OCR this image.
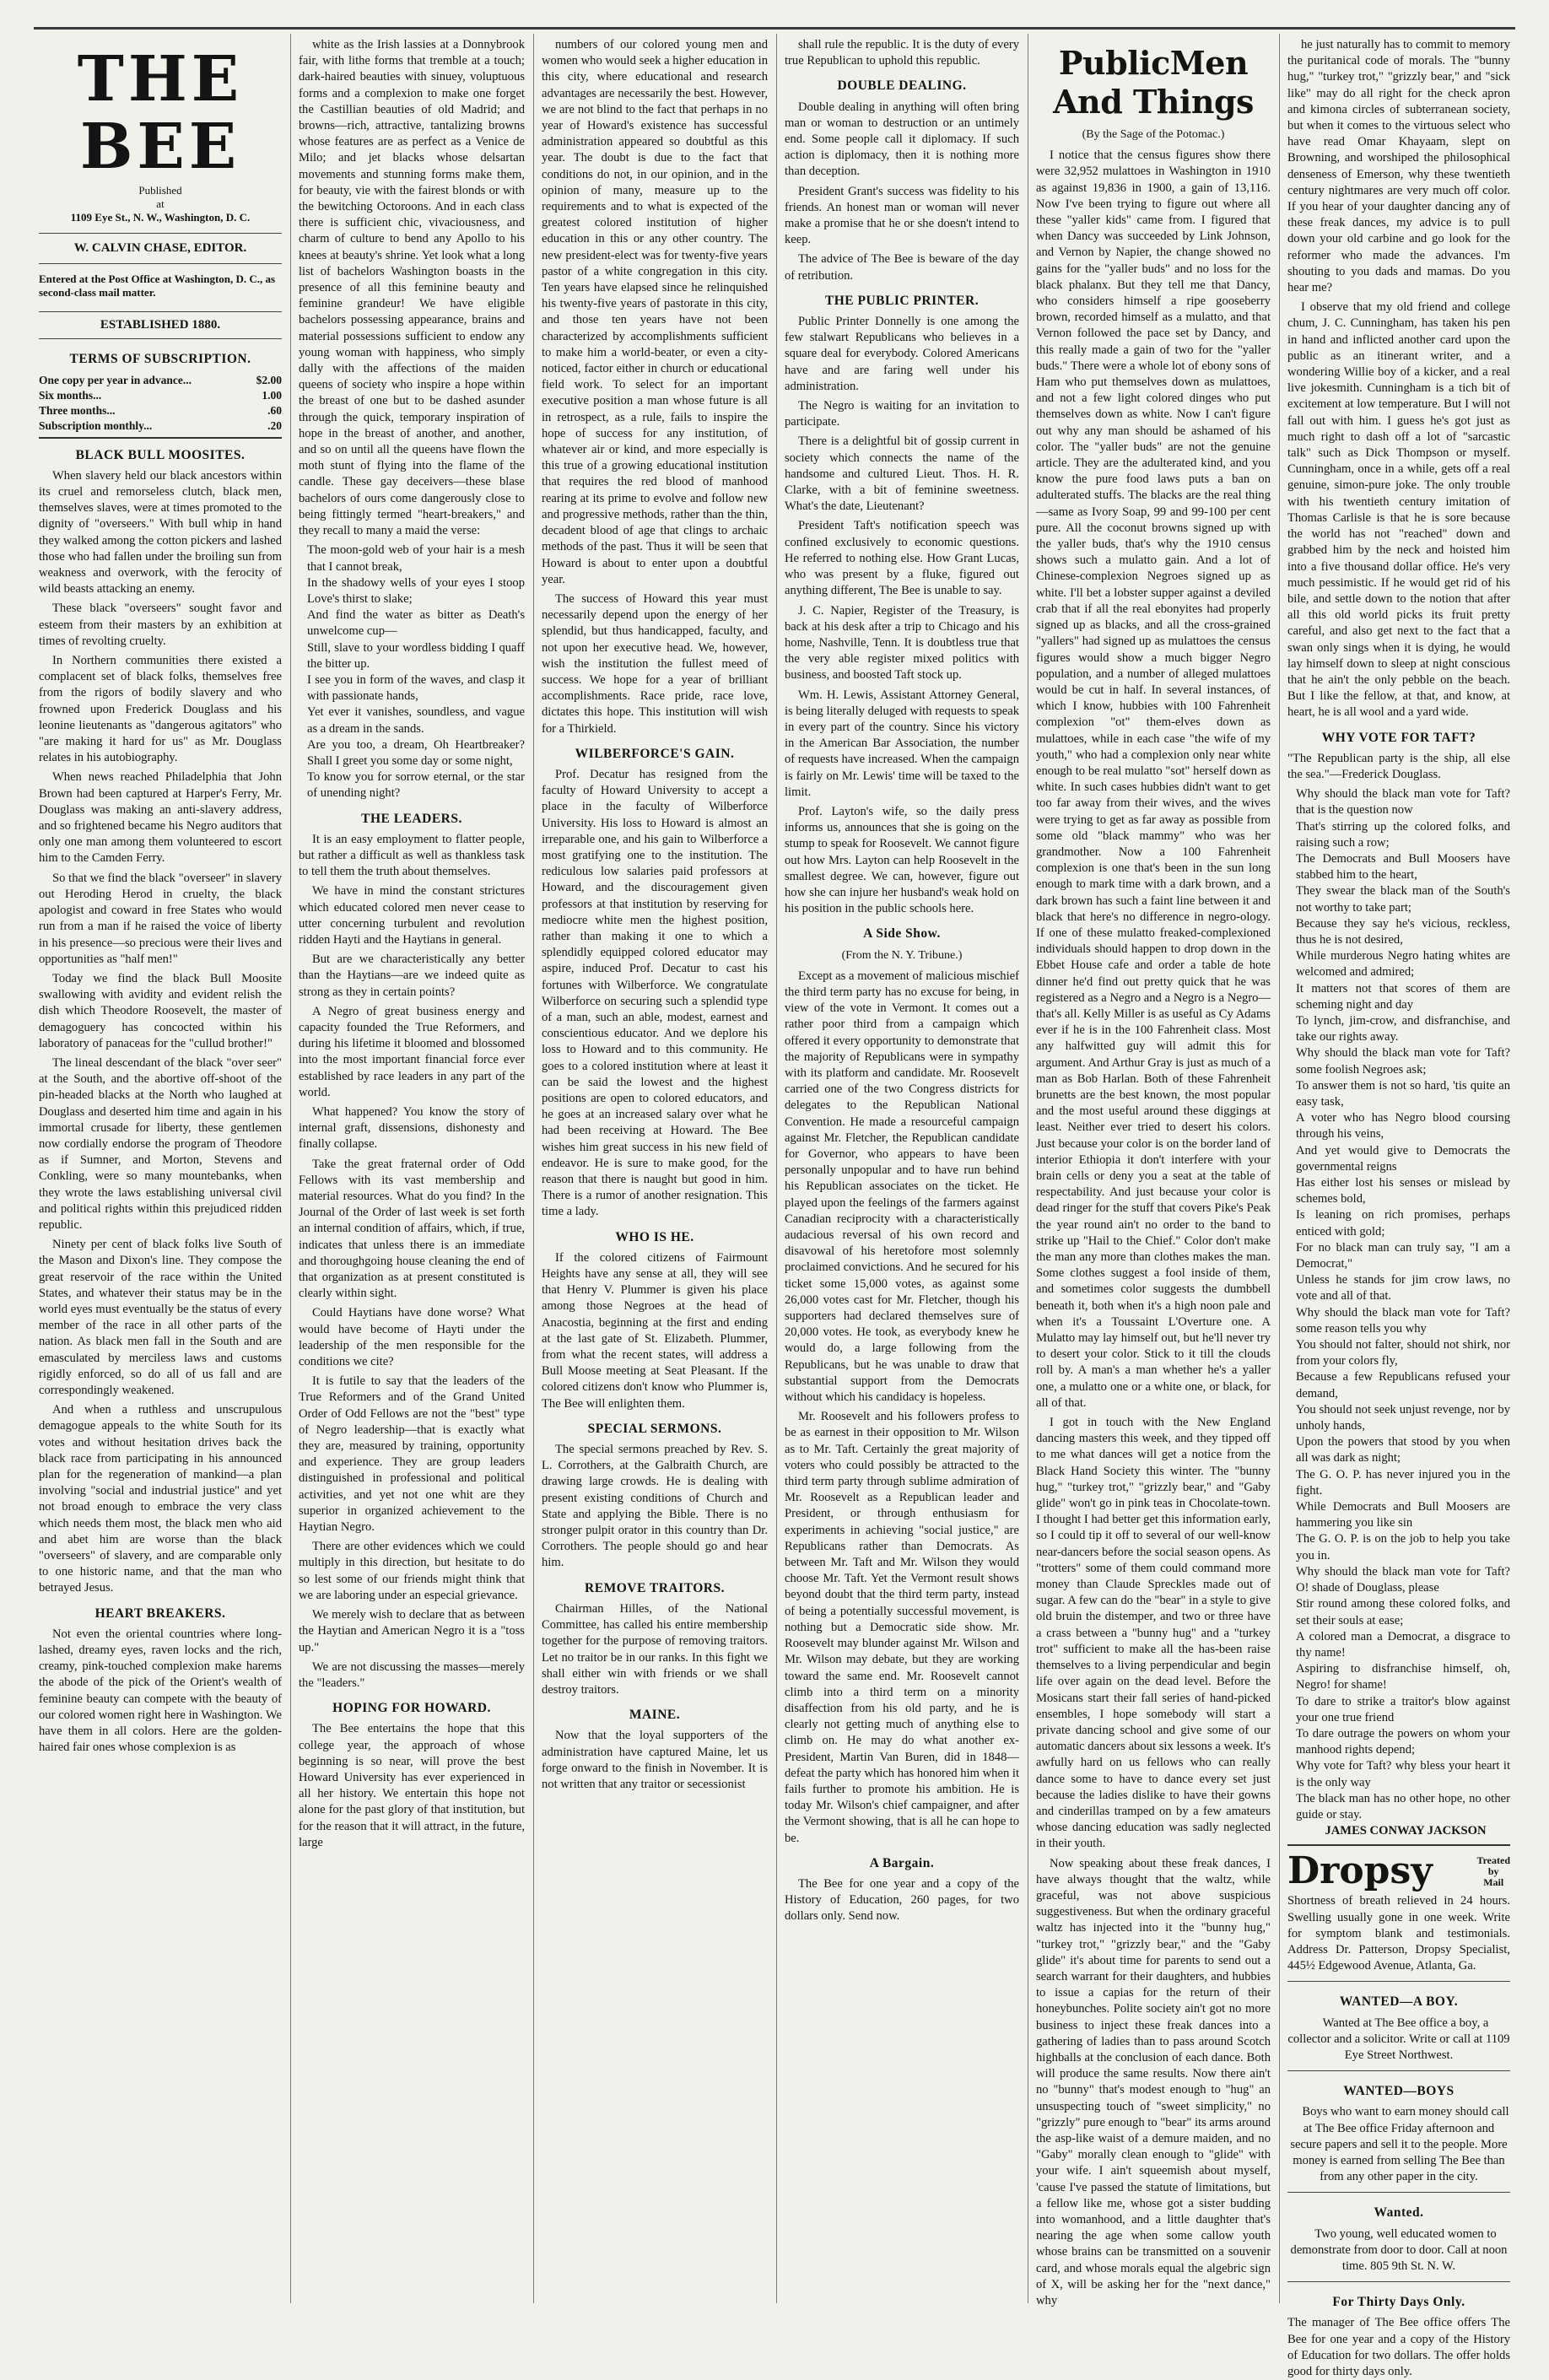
THE BEE
Published
at
1109 Eye St., N. W., Washington, D. C.
W. CALVIN CHASE, EDITOR.
Entered at the Post Office at Washington, D. C., as second-class mail matter.
ESTABLISHED 1880.
TERMS OF SUBSCRIPTION.
One copy per year in advance...	$2.00
Six months...	1.00
Three months...	.60
Subscription monthly...	.20
BLACK BULL MOOSITES.

When slavery held our black ancestors within its cruel and remorseless clutch, black men, themselves slaves, were at times promoted to the dignity of "overseers." With bull whip in hand they walked among the cotton pickers and lashed those who had fallen under the broiling sun from weakness and overwork, with the ferocity of wild beasts attacking an enemy.

These black "overseers" sought favor and esteem from their masters by an exhibition at times of revolting cruelty.

In Northern communities there existed a complacent set of black folks, themselves free from the rigors of bodily slavery and who frowned upon Frederick Douglass and his leonine lieutenants as "dangerous agitators" who "are making it hard for us" as Mr. Douglass relates in his autobiography.

When news reached Philadelphia that John Brown had been captured at Harper's Ferry, Mr. Douglass was making an anti-slavery address, and so frightened became his Negro auditors that only one man among them volunteered to escort him to the Camden Ferry.

So that we find the black "overseer" in slavery out Heroding Herod in cruelty, the black apologist and coward in free States who would run from a man if he raised the voice of liberty in his presence—so precious were their lives and opportunities as "half men!"

Today we find the black Bull Moosite swallowing with avidity and evident relish the dish which Theodore Roosevelt, the master of demagoguery has concocted within his laboratory of panaceas for the "cullud brother!"

The lineal descendant of the black "over seer" at the South, and the abortive off-shoot of the pin-headed blacks at the North who laughed at Douglass and deserted him time and again in his immortal crusade for liberty, these gentlemen now cordially endorse the program of Theodore as if Sumner, and Morton, Stevens and Conkling, were so many mountebanks, when they wrote the laws establishing universal civil and political rights within this prejudiced ridden republic.

Ninety per cent of black folks live South of the Mason and Dixon's line. They compose the great reservoir of the race within the United States, and whatever their status may be in the world eyes must eventually be the status of every member of the race in all other parts of the nation. As black men fall in the South and are emasculated by merciless laws and customs rigidly enforced, so do all of us fall and are correspondingly weakened.

And when a ruthless and unscrupulous demagogue appeals to the white South for its votes and without hesitation drives back the black race from participating in his announced plan for the regeneration of mankind—a plan involving "social and industrial justice" and yet not broad enough to embrace the very class which needs them most, the black men who aid and abet him are worse than the black "overseers" of slavery, and are comparable only to one historic name, and that the man who betrayed Jesus.

HEART BREAKERS.

Not even the oriental countries where long-lashed, dreamy eyes, raven locks and the rich, creamy, pink-touched complexion make harems the abode of the pick of the Orient's wealth of feminine beauty can compete with the beauty of our colored women right here in Washington. We have them in all colors. Here are the golden-haired fair ones whose complexion is as

white as the Irish lassies at a Donnybrook fair, with lithe forms that tremble at a touch; dark-haired beauties with sinuey, voluptuous forms and a complexion to make one forget the Castillian beauties of old Madrid; and browns—rich, attractive, tantalizing browns whose features are as perfect as a Venice de Milo; and jet blacks whose delsartan movements and stunning forms make them, for beauty, vie with the fairest blonds or with the bewitching Octoroons. And in each class there is sufficient chic, vivaciousness, and charm of culture to bend any Apollo to his knees at beauty's shrine. Yet look what a long list of bachelors Washington boasts in the presence of all this feminine beauty and feminine grandeur! We have eligible bachelors possessing appearance, brains and material possessions sufficient to endow any young woman with happiness, who simply dally with the affections of the maiden queens of society who inspire a hope within the breast of one but to be dashed asunder through the quick, temporary inspiration of hope in the breast of another, and another, and so on until all the queens have flown the moth stunt of flying into the flame of the candle. These gay deceivers—these blase bachelors of ours come dangerously close to being fittingly termed "heart-breakers," and they recall to many a maid the verse:

The moon-gold web of your hair is a mesh that I cannot break,
In the shadowy wells of your eyes I stoop Love's thirst to slake;
And find the water as bitter as Death's unwelcome cup—
Still, slave to your wordless bidding I quaff the bitter up.
I see you in form of the waves, and clasp it with passionate hands,
Yet ever it vanishes, soundless, and vague as a dream in the sands.
Are you too, a dream, Oh Heartbreaker? Shall I greet you some day or some night,
To know you for sorrow eternal, or the star of unending night?
THE LEADERS.

It is an easy employment to flatter people, but rather a difficult as well as thankless task to tell them the truth about themselves.

We have in mind the constant strictures which educated colored men never cease to utter concerning turbulent and revolution ridden Hayti and the Haytians in general.

But are we characteristically any better than the Haytians—are we indeed quite as strong as they in certain points?

A Negro of great business energy and capacity founded the True Reformers, and during his lifetime it bloomed and blossomed into the most important financial force ever established by race leaders in any part of the world.

What happened? You know the story of internal graft, dissensions, dishonesty and finally collapse.

Take the great fraternal order of Odd Fellows with its vast membership and material resources. What do you find? In the Journal of the Order of last week is set forth an internal condition of affairs, which, if true, indicates that unless there is an immediate and thoroughgoing house cleaning the end of that organization as at present constituted is clearly within sight.

Could Haytians have done worse? What would have become of Hayti under the leadership of the men responsible for the conditions we cite?

It is futile to say that the leaders of the True Reformers and of the Grand United Order of Odd Fellows are not the "best" type of Negro leadership—that is exactly what they are, measured by training, opportunity and experience. They are group leaders distinguished in professional and political activities, and yet not one whit are they superior in organized achievement to the Haytian Negro.

There are other evidences which we could multiply in this direction, but hesitate to do so lest some of our friends might think that we are laboring under an especial grievance.

We merely wish to declare that as between the Haytian and American Negro it is a "toss up."

We are not discussing the masses—merely the "leaders."

HOPING FOR HOWARD.

The Bee entertains the hope that this college year, the approach of whose beginning is so near, will prove the best Howard University has ever experienced in all her history. We entertain this hope not alone for the past glory of that institution, but for the reason that it will attract, in the future, large

numbers of our colored young men and women who would seek a higher education in this city, where educational and research advantages are necessarily the best. However, we are not blind to the fact that perhaps in no year of Howard's existence has successful administration appeared so doubtful as this year. The doubt is due to the fact that conditions do not, in our opinion, and in the opinion of many, measure up to the requirements and to what is expected of the greatest colored institution of higher education in this or any other country. The new president-elect was for twenty-five years pastor of a white congregation in this city. Ten years have elapsed since he relinquished his twenty-five years of pastorate in this city, and those ten years have not been characterized by accomplishments sufficient to make him a world-beater, or even a city-noticed, factor either in church or educational field work. To select for an important executive position a man whose future is all in retrospect, as a rule, fails to inspire the hope of success for any institution, of whatever air or kind, and more especially is this true of a growing educational institution that requires the red blood of manhood rearing at its prime to evolve and follow new and progressive methods, rather than the thin, decadent blood of age that clings to archaic methods of the past. Thus it will be seen that Howard is about to enter upon a doubtful year.

The success of Howard this year must necessarily depend upon the energy of her splendid, but thus handicapped, faculty, and not upon her executive head. We, however, wish the institution the fullest meed of success. We hope for a year of brilliant accomplishments. Race pride, race love, dictates this hope. This institution will wish for a Thirkield.

WILBERFORCE'S GAIN.

Prof. Decatur has resigned from the faculty of Howard University to accept a place in the faculty of Wilberforce University. His loss to Howard is almost an irreparable one, and his gain to Wilberforce a most gratifying one to the institution. The rediculous low salaries paid professors at Howard, and the discouragement given professors at that institution by reserving for mediocre white men the highest position, rather than making it one to which a splendidly equipped colored educator may aspire, induced Prof. Decatur to cast his fortunes with Wilberforce. We congratulate Wilberforce on securing such a splendid type of a man, such an able, modest, earnest and conscientious educator. And we deplore his loss to Howard and to this community. He goes to a colored institution where at least it can be said the lowest and the highest positions are open to colored educators, and he goes at an increased salary over what he had been receiving at Howard. The Bee wishes him great success in his new field of endeavor. He is sure to make good, for the reason that there is naught but good in him. There is a rumor of another resignation. This time a lady.

WHO IS HE.

If the colored citizens of Fairmount Heights have any sense at all, they will see that Henry V. Plummer is given his place among those Negroes at the head of Anacostia, beginning at the first and ending at the last gate of St. Elizabeth. Plummer, from what the recent states, will address a Bull Moose meeting at Seat Pleasant. If the colored citizens don't know who Plummer is, The Bee will enlighten them.

SPECIAL SERMONS.

The special sermons preached by Rev. S. L. Corrothers, at the Galbraith Church, are drawing large crowds. He is dealing with present existing conditions of Church and State and applying the Bible. There is no stronger pulpit orator in this country than Dr. Corrothers. The people should go and hear him.

REMOVE TRAITORS.

Chairman Hilles, of the National Committee, has called his entire membership together for the purpose of removing traitors. Let no traitor be in our ranks. In this fight we shall either win with friends or we shall destroy traitors.

MAINE.

Now that the loyal supporters of the administration have captured Maine, let us forge onward to the finish in November. It is not written that any traitor or secessionist

shall rule the republic. It is the duty of every true Republican to uphold this republic.

DOUBLE DEALING.

Double dealing in anything will often bring man or woman to destruction or an untimely end. Some people call it diplomacy. If such action is diplomacy, then it is nothing more than deception.

President Grant's success was fidelity to his friends. An honest man or woman will never make a promise that he or she doesn't intend to keep.

The advice of The Bee is beware of the day of retribution.

THE PUBLIC PRINTER.

Public Printer Donnelly is one among the few stalwart Republicans who believes in a square deal for everybody. Colored Americans have and are faring well under his administration.

The Negro is waiting for an invitation to participate.

There is a delightful bit of gossip current in society which connects the name of the handsome and cultured Lieut. Thos. H. R. Clarke, with a bit of feminine sweetness. What's the date, Lieutenant?

President Taft's notification speech was confined exclusively to economic questions. He referred to nothing else. How Grant Lucas, who was present by a fluke, figured out anything different, The Bee is unable to say.

J. C. Napier, Register of the Treasury, is back at his desk after a trip to Chicago and his home, Nashville, Tenn. It is doubtless true that the very able register mixed politics with business, and boosted Taft stock up.

Wm. H. Lewis, Assistant Attorney General, is being literally deluged with requests to speak in every part of the country. Since his victory in the American Bar Association, the number of requests have increased. When the campaign is fairly on Mr. Lewis' time will be taxed to the limit.

Prof. Layton's wife, so the daily press informs us, announces that she is going on the stump to speak for Roosevelt. We cannot figure out how Mrs. Layton can help Roosevelt in the smallest degree. We can, however, figure out how she can injure her husband's weak hold on his position in the public schools here.

A Side Show.
(From the N. Y. Tribune.)

Except as a movement of malicious mischief the third term party has no excuse for being, in view of the vote in Vermont. It comes out a rather poor third from a campaign which offered it every opportunity to demonstrate that the majority of Republicans were in sympathy with its platform and candidate. Mr. Roosevelt carried one of the two Congress districts for delegates to the Republican National Convention. He made a resourceful campaign against Mr. Fletcher, the Republican candidate for Governor, who appears to have been personally unpopular and to have run behind his Republican associates on the ticket. He played upon the feelings of the farmers against Canadian reciprocity with a characteristically audacious reversal of his own record and disavowal of his heretofore most solemnly proclaimed convictions. And he secured for his ticket some 15,000 votes, as against some 26,000 votes cast for Mr. Fletcher, though his supporters had declared themselves sure of 20,000 votes. He took, as everybody knew he would do, a large following from the Republicans, but he was unable to draw that substantial support from the Democrats without which his candidacy is hopeless.

Mr. Roosevelt and his followers profess to be as earnest in their opposition to Mr. Wilson as to Mr. Taft. Certainly the great majority of voters who could possibly be attracted to the third term party through sublime admiration of Mr. Roosevelt as a Republican leader and President, or through enthusiasm for experiments in achieving "social justice," are Republicans rather than Democrats. As between Mr. Taft and Mr. Wilson they would choose Mr. Taft. Yet the Vermont result shows beyond doubt that the third term party, instead of being a potentially successful movement, is nothing but a Democratic side show. Mr. Roosevelt may blunder against Mr. Wilson and Mr. Wilson may debate, but they are working toward the same end. Mr. Roosevelt cannot climb into a third term on a minority disaffection from his old party, and he is clearly not getting much of anything else to climb on. He may do what another ex-President, Martin Van Buren, did in 1848—defeat the party which has honored him when it fails further to promote his ambition. He is today Mr. Wilson's chief campaigner, and after the Vermont showing, that is all he can hope to be.

A Bargain.

The Bee for one year and a copy of the History of Education, 260 pages, for two dollars only. Send now.

PublicMen And Things
(By the Sage of the Potomac.)

I notice that the census figures show there were 32,952 mulattoes in Washington in 1910 as against 19,836 in 1900, a gain of 13,116. Now I've been trying to figure out where all these "yaller kids" came from. I figured that when Dancy was succeeded by Link Johnson, and Vernon by Napier, the change showed no gains for the "yaller buds" and no loss for the black phalanx. But they tell me that Dancy, who considers himself a ripe gooseberry brown, recorded himself as a mulatto, and that Vernon followed the pace set by Dancy, and this really made a gain of two for the "yaller buds." There were a whole lot of ebony sons of Ham who put themselves down as mulattoes, and not a few light colored dinges who put themselves down as white. Now I can't figure out why any man should be ashamed of his color. The "yaller buds" are not the genuine article. They are the adulterated kind, and you know the pure food laws puts a ban on adulterated stuffs. The blacks are the real thing—same as Ivory Soap, 99 and 99-100 per cent pure. All the coconut browns signed up with the yaller buds, that's why the 1910 census shows such a mulatto gain. And a lot of Chinese-complexion Negroes signed up as white. I'll bet a lobster supper against a deviled crab that if all the real ebonyites had properly signed up as blacks, and all the cross-grained "yallers" had signed up as mulattoes the census figures would show a much bigger Negro population, and a number of alleged mulattoes would be cut in half. In several instances, of which I know, hubbies with 100 Fahrenheit complexion "ot" them-elves down as mulattoes, while in each case "the wife of my youth," who had a complexion only near white enough to be real mulatto "sot" herself down as white. In such cases hubbies didn't want to get too far away from their wives, and the wives were trying to get as far away as possible from some old "black mammy" who was her grandmother. Now a 100 Fahrenheit complexion is one that's been in the sun long enough to mark time with a dark brown, and a dark brown has such a faint line between it and black that here's no difference in negro-ology. If one of these mulatto freaked-complexioned individuals should happen to drop down in the Ebbet House cafe and order a table de hote dinner he'd find out pretty quick that he was registered as a Negro and a Negro is a Negro—that's all. Kelly Miller is as useful as Cy Adams ever if he is in the 100 Fahrenheit class. Most any halfwitted guy will admit this for argument. And Arthur Gray is just as much of a man as Bob Harlan. Both of these Fahrenheit brunetts are the best known, the most popular and the most useful around these diggings at least. Neither ever tried to desert his colors. Just because your color is on the border land of interior Ethiopia it don't interfere with your brain cells or deny you a seat at the table of respectability. And just because your color is dead ringer for the stuff that covers Pike's Peak the year round ain't no order to the band to strike up "Hail to the Chief." Color don't make the man any more than clothes makes the man. Some clothes suggest a fool inside of them, and sometimes color suggests the dumbbell beneath it, both when it's a high noon pale and when it's a Toussaint L'Overture one. A Mulatto may lay himself out, but he'll never try to desert your color. Stick to it till the clouds roll by. A man's a man whether he's a yaller one, a mulatto one or a white one, or black, for all of that.

I got in touch with the New England dancing masters this week, and they tipped off to me what dances will get a notice from the Black Hand Society this winter. The "bunny hug," "turkey trot," "grizzly bear," and "Gaby glide" won't go in pink teas in Chocolate-town. I thought I had better get this information early, so I could tip it off to several of our well-know near-dancers before the social season opens. As "trotters" some of them could command more money than Claude Spreckles made out of sugar. A few can do the "bear" in a style to give old bruin the distemper, and two or three have a crass between a "bunny hug" and a "turkey trot" sufficient to make all the has-been raise themselves to a living perpendicular and begin life over again on the dead level. Before the Mosicans start their fall series of hand-picked ensembles, I hope somebody will start a private dancing school and give some of our automatic dancers about six lessons a week. It's awfully hard on us fellows who can really dance some to have to dance every set just because the ladies dislike to have their gowns and cinderillas tramped on by a few amateurs whose dancing education was sadly neglected in their youth.

Now speaking about these freak dances, I have always thought that the waltz, while graceful, was not above suspicious suggestiveness. But when the ordinary graceful waltz has injected into it the "bunny hug," "turkey trot," "grizzly bear," and the "Gaby glide" it's about time for parents to send out a search warrant for their daughters, and hubbies to issue a capias for the return of their honeybunches. Polite society ain't got no more business to inject these freak dances into a gathering of ladies than to pass around Scotch highballs at the conclusion of each dance. Both will produce the same results. Now there ain't no "bunny" that's modest enough to "hug" an unsuspecting touch of "sweet simplicity," no "grizzly" pure enough to "bear" its arms around the asp-like waist of a demure maiden, and no "Gaby" morally clean enough to "glide" with your wife. I ain't squeemish about myself, 'cause I've passed the statute of limitations, but a fellow like me, whose got a sister budding into womanhood, and a little daughter that's nearing the age when some callow youth whose brains can be transmitted on a souvenir card, and whose morals equal the algebric sign of X, will be asking her for the "next dance," why

he just naturally has to commit to memory the puritanical code of morals. The "bunny hug," "turkey trot," "grizzly bear," and "sick like" may do all right for the check apron and kimona circles of subterranean society, but when it comes to the virtuous select who have read Omar Khayaam, slept on Browning, and worshiped the philosophical denseness of Emerson, why these twentieth century nightmares are very much off color. If you hear of your daughter dancing any of these freak dances, my advice is to pull down your old carbine and go look for the reformer who made the advances. I'm shouting to you dads and mamas. Do you hear me?

I observe that my old friend and college chum, J. C. Cunningham, has taken his pen in hand and inflicted another card upon the public as an itinerant writer, and a wondering Willie boy of a kicker, and a real live jokesmith. Cunningham is a tich bit of excitement at low temperature. But I will not fall out with him. I guess he's got just as much right to dash off a lot of "sarcastic talk" such as Dick Thompson or myself. Cunningham, once in a while, gets off a real genuine, simon-pure joke. The only trouble with his twentieth century imitation of Thomas Carlisle is that he is sore because the world has not "reached" down and grabbed him by the neck and hoisted him into a five thousand dollar office. He's very much pessimistic. If he would get rid of his bile, and settle down to the notion that after all this old world picks its fruit pretty careful, and also get next to the fact that a swan only sings when it is dying, he would lay himself down to sleep at night conscious that he ain't the only pebble on the beach. But I like the fellow, at that, and know, at heart, he is all wool and a yard wide.

WHY VOTE FOR TAFT?

"The Republican party is the ship, all else the sea."—Frederick Douglass.

Why should the black man vote for Taft? that is the question now
That's stirring up the colored folks, and raising such a row;
The Democrats and Bull Moosers have stabbed him to the heart,
They swear the black man of the South's not worthy to take part;
Because they say he's vicious, reckless, thus he is not desired,
While murderous Negro hating whites are welcomed and admired;
It matters not that scores of them are scheming night and day
To lynch, jim-crow, and disfranchise, and take our rights away.
Why should the black man vote for Taft? some foolish Negroes ask;
To answer them is not so hard, 'tis quite an easy task,
A voter who has Negro blood coursing through his veins,
And yet would give to Democrats the governmental reigns
Has either lost his senses or mislead by schemes bold,
Is leaning on rich promises, perhaps enticed with gold;
For no black man can truly say, "I am a Democrat,"
Unless he stands for jim crow laws, no vote and all of that.
Why should the black man vote for Taft? some reason tells you why
You should not falter, should not shirk, nor from your colors fly,
Because a few Republicans refused your demand,
You should not seek unjust revenge, nor by unholy hands,
Upon the powers that stood by you when all was dark as night;
The G. O. P. has never injured you in the fight.
While Democrats and Bull Moosers are hammering you like sin
The G. O. P. is on the job to help you take you in.
Why should the black man vote for Taft? O! shade of Douglass, please
Stir round among these colored folks, and set their souls at ease;
A colored man a Democrat, a disgrace to thy name!
Aspiring to disfranchise himself, oh, Negro! for shame!
To dare to strike a traitor's blow against your one true friend
To dare outrage the powers on whom your manhood rights depend;
Why vote for Taft? why bless your heart it is the only way
The black man has no other hope, no other guide or stay.

JAMES CONWAY JACKSON

Dropsy	Treated
by
Mail

Shortness of breath relieved in 24 hours. Swelling usually gone in one week. Write for symptom blank and testimonials. Address Dr. Patterson, Dropsy Specialist, 445½ Edgewood Avenue, Atlanta, Ga.

WANTED—A BOY.

Wanted at The Bee office a boy, a collector and a solicitor. Write or call at 1109 Eye Street Northwest.

WANTED—BOYS

Boys who want to earn money should call at The Bee office Friday afternoon and secure papers and sell it to the people. More money is earned from selling The Bee than from any other paper in the city.

Wanted.

Two young, well educated women to demonstrate from door to door. Call at noon time. 805 9th St. N. W.

For Thirty Days Only.

The manager of The Bee office offers The Bee for one year and a copy of the History of Education for two dollars. The offer holds good for thirty days only.
